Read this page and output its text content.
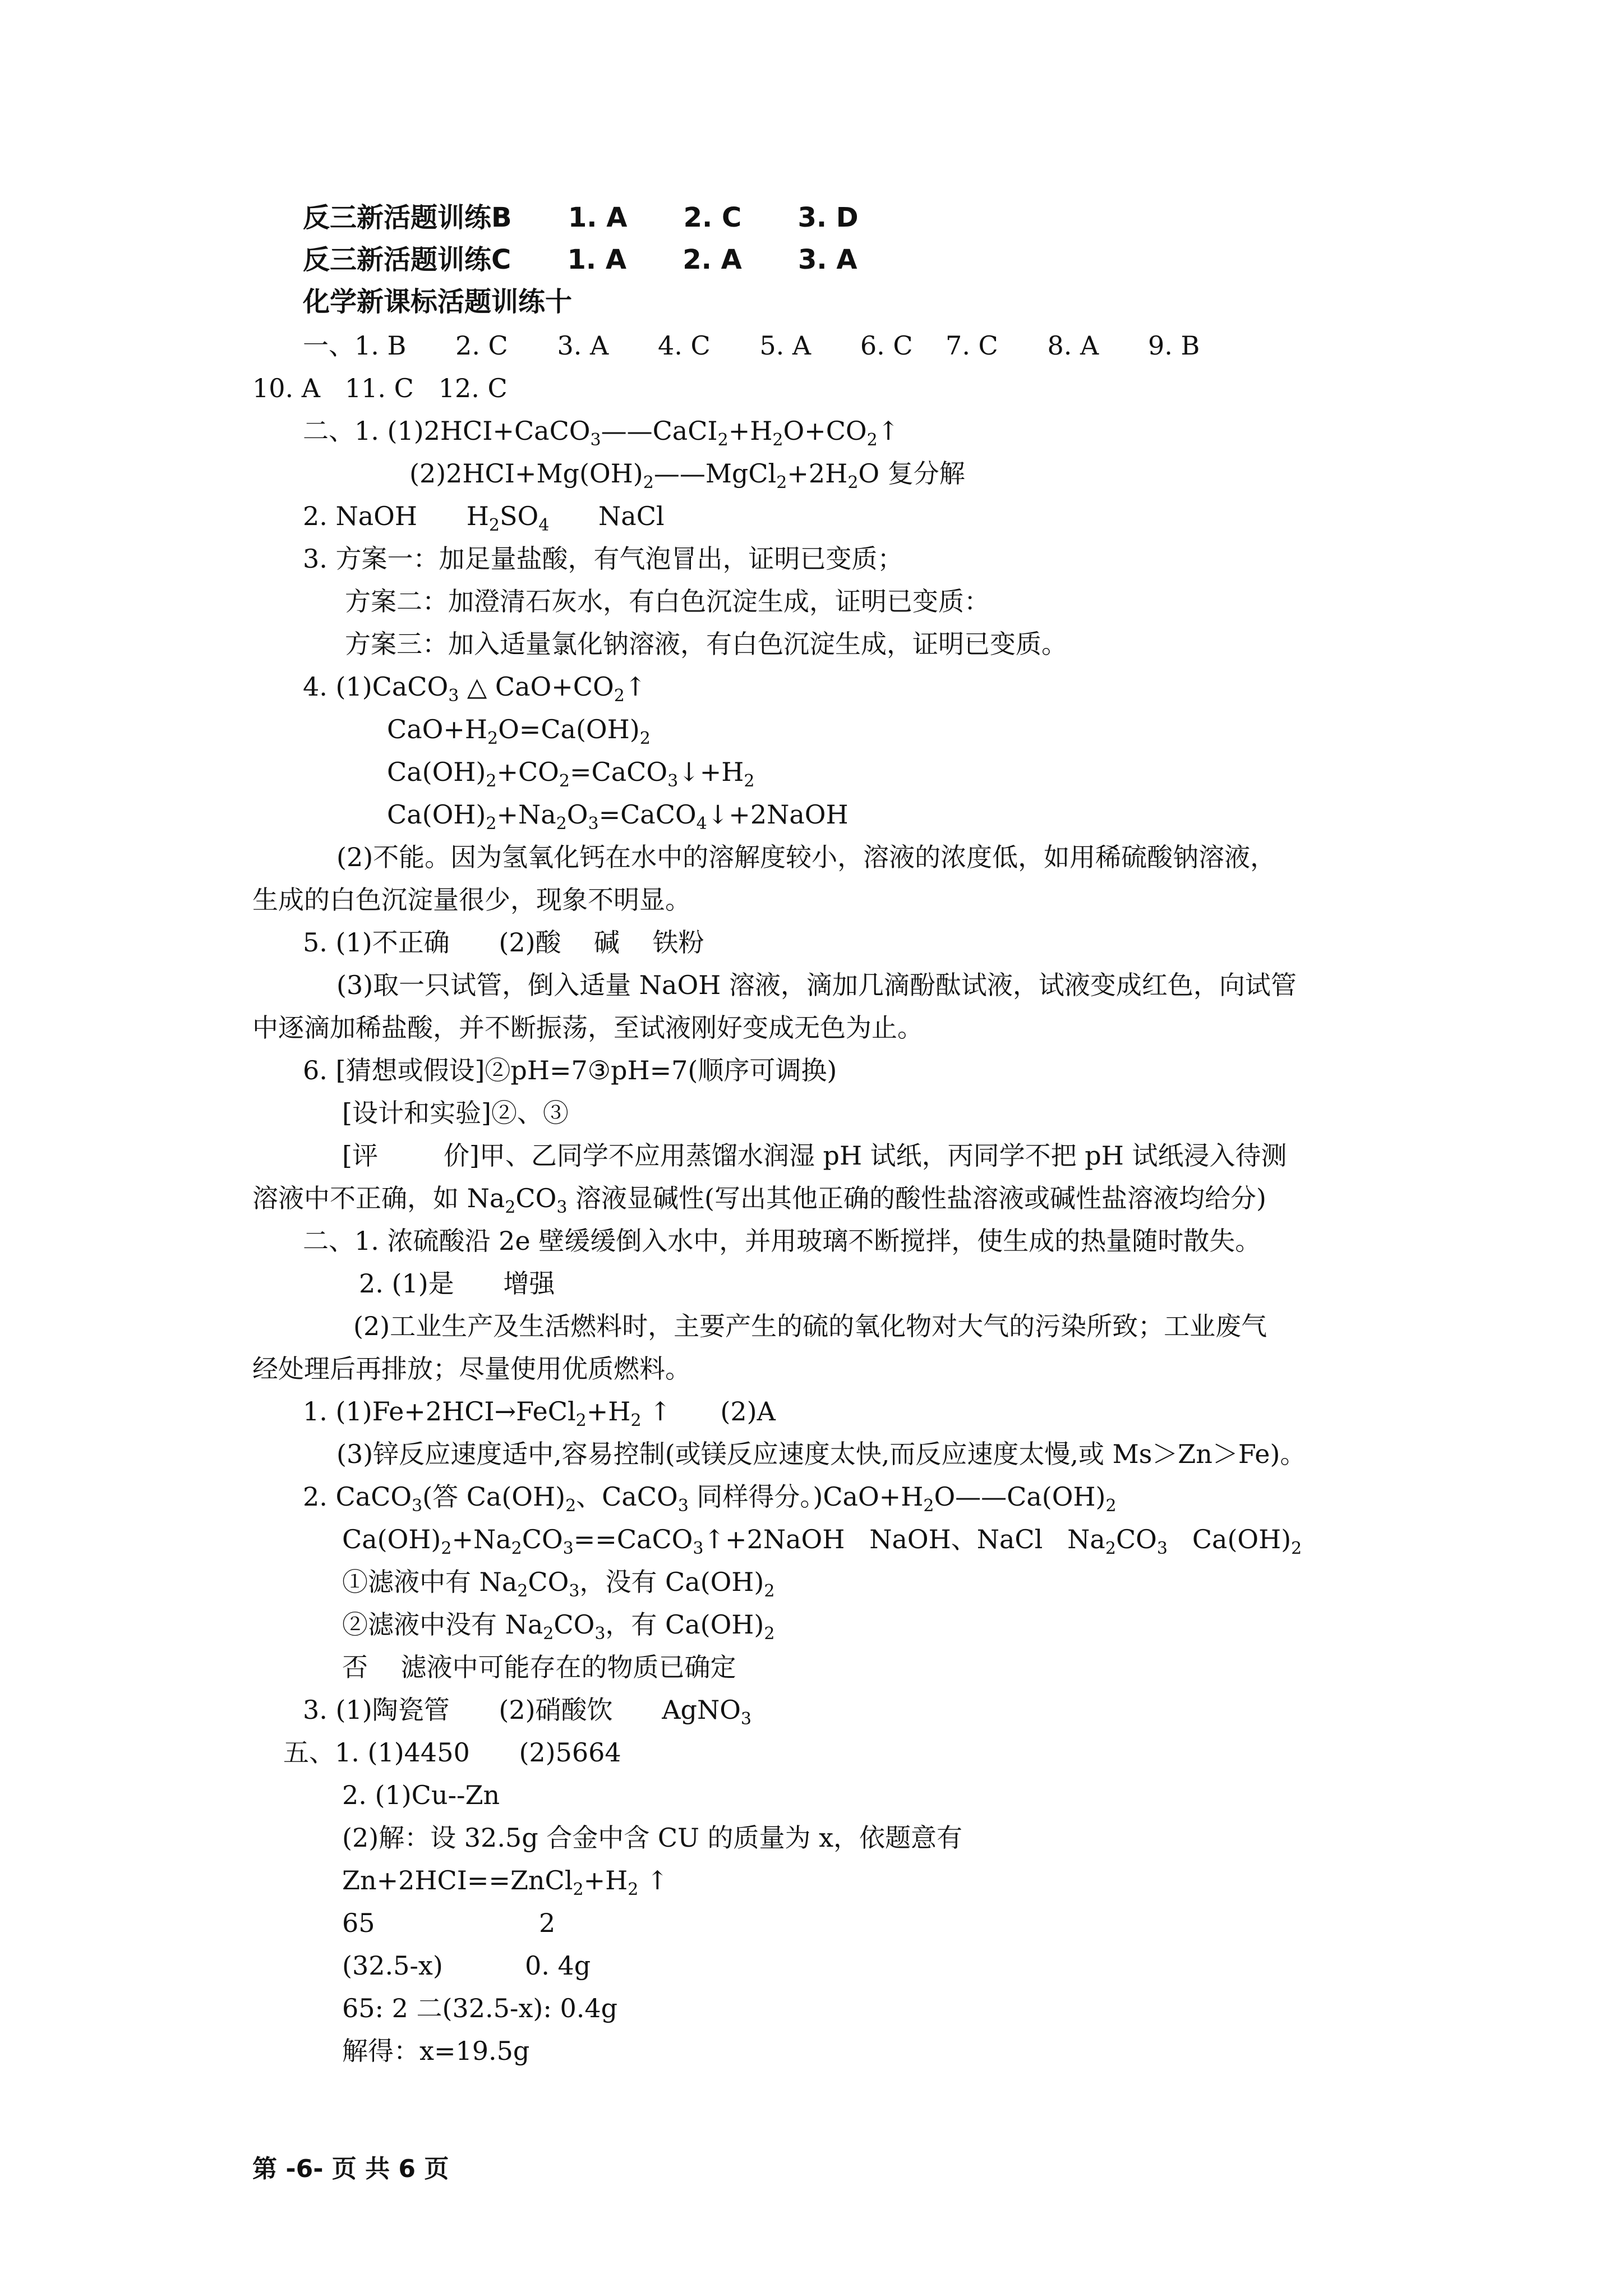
反三新活题训练B      1. A      2. C      3. D
反三新活题训练C      1. A      2. A      3. A
化学新课标活题训练十
一、1. B      2. C      3. A      4. C      5. A      6. C    7. C      8. A      9. B
10. A   11. C   12. C
二、1. $(1)2HCI+CaCO_3——CaCI_2+H_2O+CO_2↑$
$(2)2HCI+Mg(OH)_2——MgCl_2+2H_2O$ 复分解
2. NaOH      $H_2SO_4$      NaCl
3. 方案一：加足量盐酸，有气泡冒出，证明已变质；
方案二：加澄清石灰水，有白色沉淀生成，证明已变质：
方案三：加入适量氯化钠溶液，有白色沉淀生成，证明已变质。
4. (1)CaCO$_3$ △ $CaO+CO_2↑$
$CaO+H_2O=Ca(OH)_2$
$Ca(OH)_2+CO_2=CaCO_3↓+H_2$
$Ca(OH)_2+Na_2O_3=CaCO_4↓+2NaOH$
(2)不能。因为氢氧化钙在水中的溶解度较小，溶液的浓度低，如用稀硫酸钠溶液，
生成的白色沉淀量很少，现象不明显。
5. (1)不正确      (2)酸    碱    铁粉
(3)取一只试管，倒入适量 NaOH 溶液，滴加几滴酚酞试液，试液变成红色，向试管
中逐滴加稀盐酸，并不断振荡，至试液刚好变成无色为止。
6. [猜想或假设]②pH=7③pH=7(顺序可调换)
[设计和实验]②、③
[评        价]甲、乙同学不应用蒸馏水润湿 pH 试纸，丙同学不把 pH 试纸浸入待测
溶液中不正确，如 $Na_2CO_3$ 溶液显碱性(写出其他正确的酸性盐溶液或碱性盐溶液均给分)
二、1. 浓硫酸沿 2e 壁缓缓倒入水中，并用玻璃不断搅拌，使生成的热量随时散失。
2. (1)是      增强
(2)工业生产及生活燃料时，主要产生的硫的氧化物对大气的污染所致；工业废气
经处理后再排放；尽量使用优质燃料。
1. $(1)Fe+2HCI\to FeCl_2+H_2$ ↑      (2)A
(3)锌反应速度适中,容易控制(或镁反应速度太快,而反应速度太慢,或 Ms＞Zn＞Fe)。
2. CaCO$_3$(答 $Ca(OH)_2$、CaCO$_3$ 同样得分。)$CaO+H_2O——Ca(OH)_2$
$Ca(OH)_2+Na_2CO_3==CaCO_3↑+2NaOH$   NaOH、NaCl   $Na_2CO_3$   $Ca(OH)_2$
①滤液中有 $Na_2CO_3$，没有 $Ca(OH)_2$
②滤液中没有 $Na_2CO_3$，有 $Ca(OH)_2$
否    滤液中可能存在的物质已确定
3. (1)陶瓷管      (2)硝酸饮      AgNO$_3$
五、1. (1)4450      (2)5664
2. (1)Cu--Zn
(2)解：设 32.5g 合金中含 CU 的质量为 x，依题意有
$Zn+2HCI==ZnCl_2+H_2$ ↑
65                    2
(32.5-x)          0. 4g
65: 2 二(32.5-x): 0.4g
解得：x=19.5g
第 -6- 页 共 6 页
